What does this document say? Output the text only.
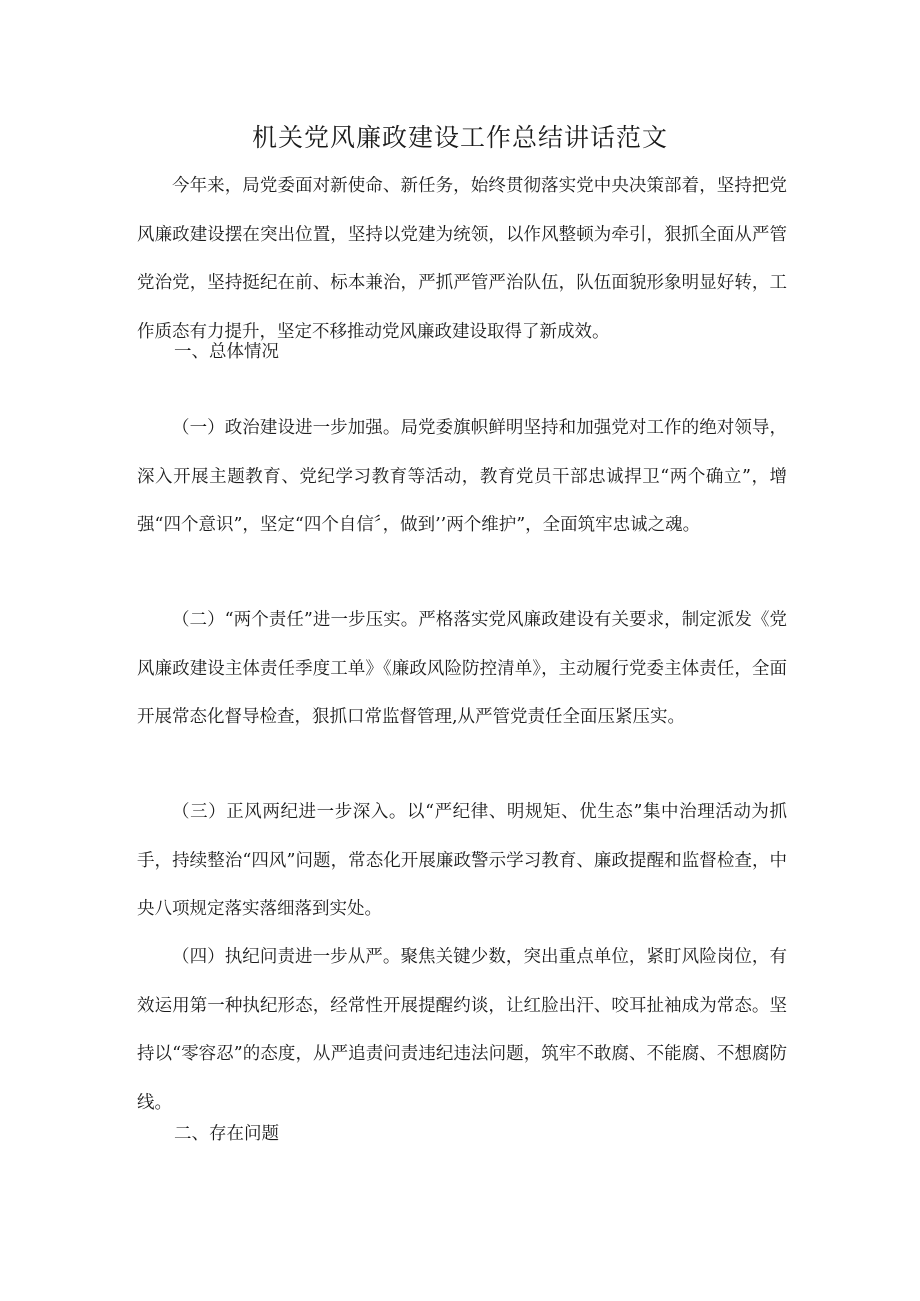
机关党风廉政建设工作总结讲话范文

今年来，局党委面对新使命、新任务，始终贯彻落实党中央决策部着，坚持把党风廉政建设摆在突出位置，坚持以党建为统领，以作风整顿为牵引，狠抓全面从严管党治党，坚持挺纪在前、标本兼治，严抓严管严治队伍，队伍面貌形象明显好转，工作质态有力提升，坚定不移推动党风廉政建设取得了新成效。

一、总体情况

（一）政治建设进一步加强。局党委旗帜鲜明坚持和加强党对工作的绝对领导，深入开展主题教育、党纪学习教育等活动，教育党员干部忠诚捍卫“两个确立”，增强“四个意识”，坚定“四个自信〞，做到’’两个维护”，全面筑牢忠诚之魂。

（二）“两个责任”进一步压实。严格落实党风廉政建设有关要求，制定派发《党风廉政建设主体责任季度工单》《廉政风险防控清单》，主动履行党委主体责任，全面开展常态化督导检查，狠抓口常监督管理,从严管党责任全面压紧压实。

（三）正风两纪进一步深入。以“严纪律、明规矩、优生态”集中治理活动为抓手，持续整治“四风”问题，常态化开展廉政警示学习教育、廉政提醒和监督检查，中央八项规定落实落细落到实处。

（四）执纪问责进一步从严。聚焦关键少数，突出重点单位，紧盯风险岗位，有效运用第一种执纪形态，经常性开展提醒约谈，让红脸出汗、咬耳扯袖成为常态。坚持以“零容忍”的态度，从严追责问责违纪违法问题，筑牢不敢腐、不能腐、不想腐防线。

二、存在问题
